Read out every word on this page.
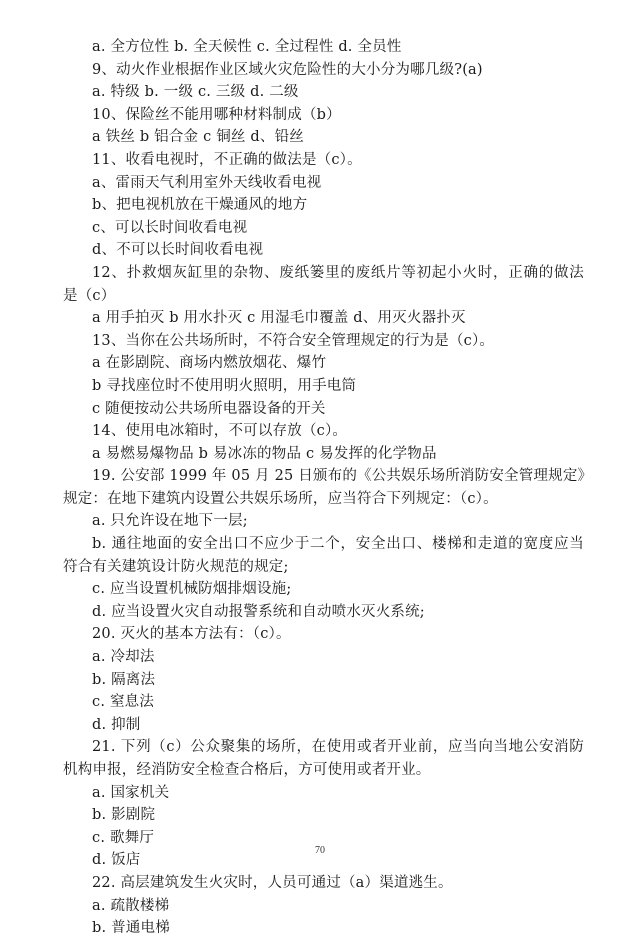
a. 全方位性 b. 全天候性 c. 全过程性 d. 全员性
9、动火作业根据作业区域火灾危险性的大小分为哪几级?(a)
a. 特级 b. 一级 c. 三级 d. 二级
10、保险丝不能用哪种材料制成（b）
a 铁丝 b 铝合金 c 铜丝 d、铅丝
11、收看电视时，不正确的做法是（c）。
a、雷雨天气利用室外天线收看电视
b、把电视机放在干燥通风的地方
c、可以长时间收看电视
d、不可以长时间收看电视
12、扑救烟灰缸里的杂物、废纸篓里的废纸片等初起小火时，正确的做法
是（c）
a 用手拍灭 b 用水扑灭 c 用湿毛巾覆盖 d、用灭火器扑灭
13、当你在公共场所时，不符合安全管理规定的行为是（c）。
a 在影剧院、商场内燃放烟花、爆竹
b 寻找座位时不使用明火照明，用手电筒
c 随便按动公共场所电器设备的开关
14、使用电冰箱时，不可以存放（c）。
a 易燃易爆物品 b 易冰冻的物品 c 易发挥的化学物品
19. 公安部 1999 年 05 月 25 日颁布的《公共娱乐场所消防安全管理规定》
规定：在地下建筑内设置公共娱乐场所，应当符合下列规定：（c）。
a. 只允许设在地下一层;
b. 通往地面的安全出口不应少于二个，安全出口、楼梯和走道的宽度应当
符合有关建筑设计防火规范的规定;
c. 应当设置机械防烟排烟设施;
d. 应当设置火灾自动报警系统和自动喷水灭火系统;
20. 灭火的基本方法有：（c）。
a. 冷却法
b. 隔离法
c. 窒息法
d. 抑制
21. 下列（c）公众聚集的场所，在使用或者开业前，应当向当地公安消防
机构申报，经消防安全检查合格后，方可使用或者开业。
a. 国家机关
b. 影剧院
c. 歌舞厅
d. 饭店
22. 高层建筑发生火灾时，人员可通过（a）渠道逃生。
a. 疏散楼梯
b. 普通电梯
70
